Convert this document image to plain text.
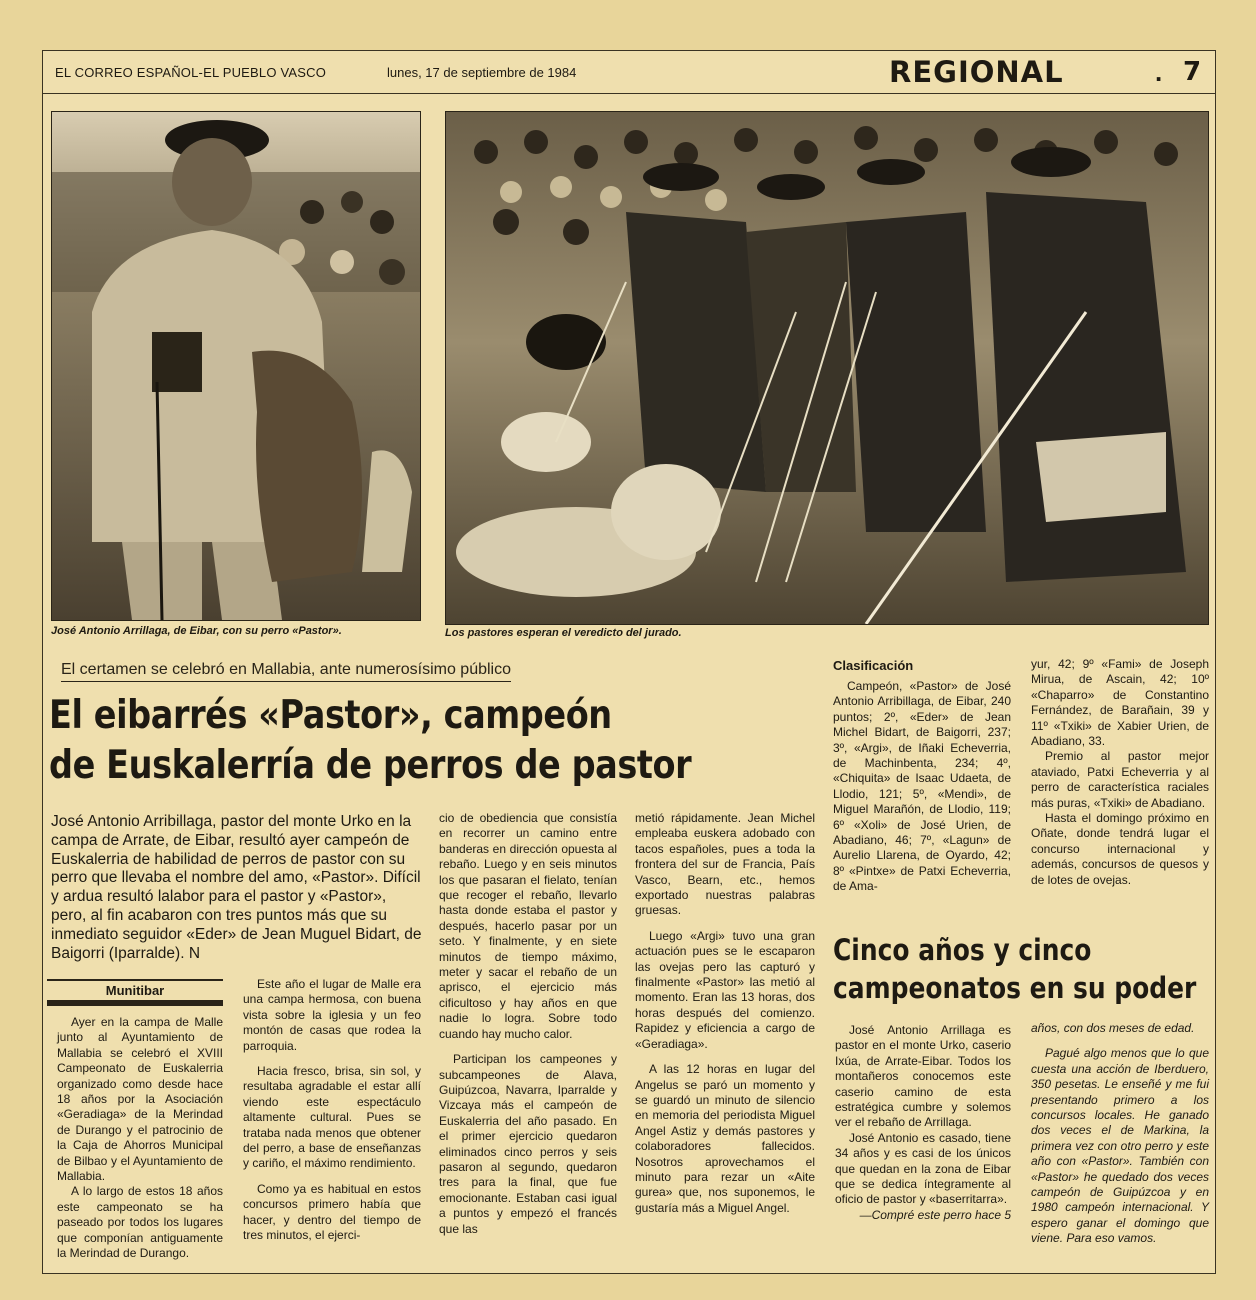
EL CORREO ESPAÑOL-EL PUEBLO VASCO	lunes, 17 de septiembre de 1984	REGIONAL	. 7
José Antonio Arrillaga, de Eibar, con su perro «Pastor».	Los pastores esperan el veredicto del jurado.
El certamen se celebró en Mallabia, ante numerosísimo público
El eibarrés «Pastor», campeón
de Euskalerría de perros de pastor
José Antonio Arribillaga, pastor del monte Urko en la campa de Arrate, de Eibar, resultó ayer campeón de Euskalerria de habilidad de perros de pastor con su perro que llevaba el nombre del amo, «Pastor». Difícil y ardua resultó lalabor para el pastor y «Pastor», pero, al fin acabaron con tres puntos más que su inmediato seguidor «Eder» de Jean Muguel Bidart, de Baigorri (Iparralde). N
Munitibar

Ayer en la campa de Malle junto al Ayuntamiento de Mallabia se celebró el XVIII Campeonato de Euskalerria organizado como desde hace 18 años por la Asociación «Geradiaga» de la Merindad de Durango y el patrocinio de la Caja de Ahorros Municipal de Bilbao y el Ayuntamiento de Mallabia.

A lo largo de estos 18 años este campeonato se ha paseado por todos los lugares que componían antiguamente la Merindad de Durango.

Este año el lugar de Malle era una campa hermosa, con buena vista sobre la iglesia y un feo montón de casas que rodea la parroquia.

Hacia fresco, brisa, sin sol, y resultaba agradable el estar allí viendo este espectáculo altamente cultural. Pues se trataba nada menos que obtener del perro, a base de enseñanzas y cariño, el máximo rendimiento.

Como ya es habitual en estos concursos primero había que hacer, y dentro del tiempo de tres minutos, el ejerci-

cio de obediencia que consistía en recorrer un camino entre banderas en dirección opuesta al rebaño. Luego y en seis minutos los que pasaran el fielato, tenían que recoger el rebaño, llevarlo hasta donde estaba el pastor y después, hacerlo pasar por un seto. Y finalmente, y en siete minutos de tiempo máximo, meter y sacar el rebaño de un aprisco, el ejercicio más cificultoso y hay años en que nadie lo logra. Sobre todo cuando hay mucho calor.

Participan los campeones y subcampeones de Alava, Guipúzcoa, Navarra, Iparralde y Vizcaya más el campeón de Euskalerria del año pasado. En el primer ejercicio quedaron eliminados cinco perros y seis pasaron al segundo, quedaron tres para la final, que fue emocionante. Estaban casi igual a puntos y empezó el francés que las

metió rápidamente. Jean Michel empleaba euskera adobado con tacos españoles, pues a toda la frontera del sur de Francia, País Vasco, Bearn, etc., hemos exportado nuestras palabras gruesas.

Luego «Argi» tuvo una gran actuación pues se le escaparon las ovejas pero las capturó y finalmente «Pastor» las metió al momento. Eran las 13 horas, dos horas después del comienzo. Rapidez y eficiencia a cargo de «Geradiaga».

A las 12 horas en lugar del Angelus se paró un momento y se guardó un minuto de silencio en memoria del periodista Miguel Angel Astiz y demás pastores y colaboradores fallecidos. Nosotros aprovechamos el minuto para rezar un «Aite gurea» que, nos suponemos, le gustaría más a Miguel Angel.

Clasificación

Campeón, «Pastor» de José Antonio Arribillaga, de Eibar, 240 puntos; 2º, «Eder» de Jean Michel Bidart, de Baigorri, 237; 3º, «Argi», de Iñaki Echeverria, de Machinbenta, 234; 4º, «Chiquita» de Isaac Udaeta, de Llodio, 121; 5º, «Mendi», de Miguel Marañón, de Llodio, 119; 6º «Xoli» de José Urien, de Abadiano, 46; 7º, «Lagun» de Aurelio Llarena, de Oyardo, 42; 8º «Pintxe» de Patxi Echeverria, de Ama-

yur, 42; 9º «Fami» de Joseph Mirua, de Ascain, 42; 10º «Chaparro» de Constantino Fernández, de Barañain, 39 y 11º «Txiki» de Xabier Urien, de Abadiano, 33.

Premio al pastor mejor ataviado, Patxi Echeverria y al perro de característica raciales más puras, «Txiki» de Abadiano.

Hasta el domingo próximo en Oñate, donde tendrá lugar el concurso internacional y además, concursos de quesos y de lotes de ovejas.

Cinco años y cinco
campeonatos en su poder

José Antonio Arrillaga es pastor en el monte Urko, caserio Ixúa, de Arrate-Eibar. Todos los montañeros conocemos este caserio camino de esta estratégica cumbre y solemos ver el rebaño de Arrillaga.

José Antonio es casado, tiene 34 años y es casi de los únicos que quedan en la zona de Eibar que se dedica íntegramente al oficio de pastor y «baserritarra».

—Compré este perro hace 5

años, con dos meses de edad.

Pagué algo menos que lo que cuesta una acción de Iberduero, 350 pesetas. Le enseñé y me fui presentando primero a los concursos locales. He ganado dos veces el de Markina, la primera vez con otro perro y este año con «Pastor». También con «Pastor» he quedado dos veces campeón de Guipúzcoa y en 1980 campeón internacional. Y espero ganar el domingo que viene. Para eso vamos.
